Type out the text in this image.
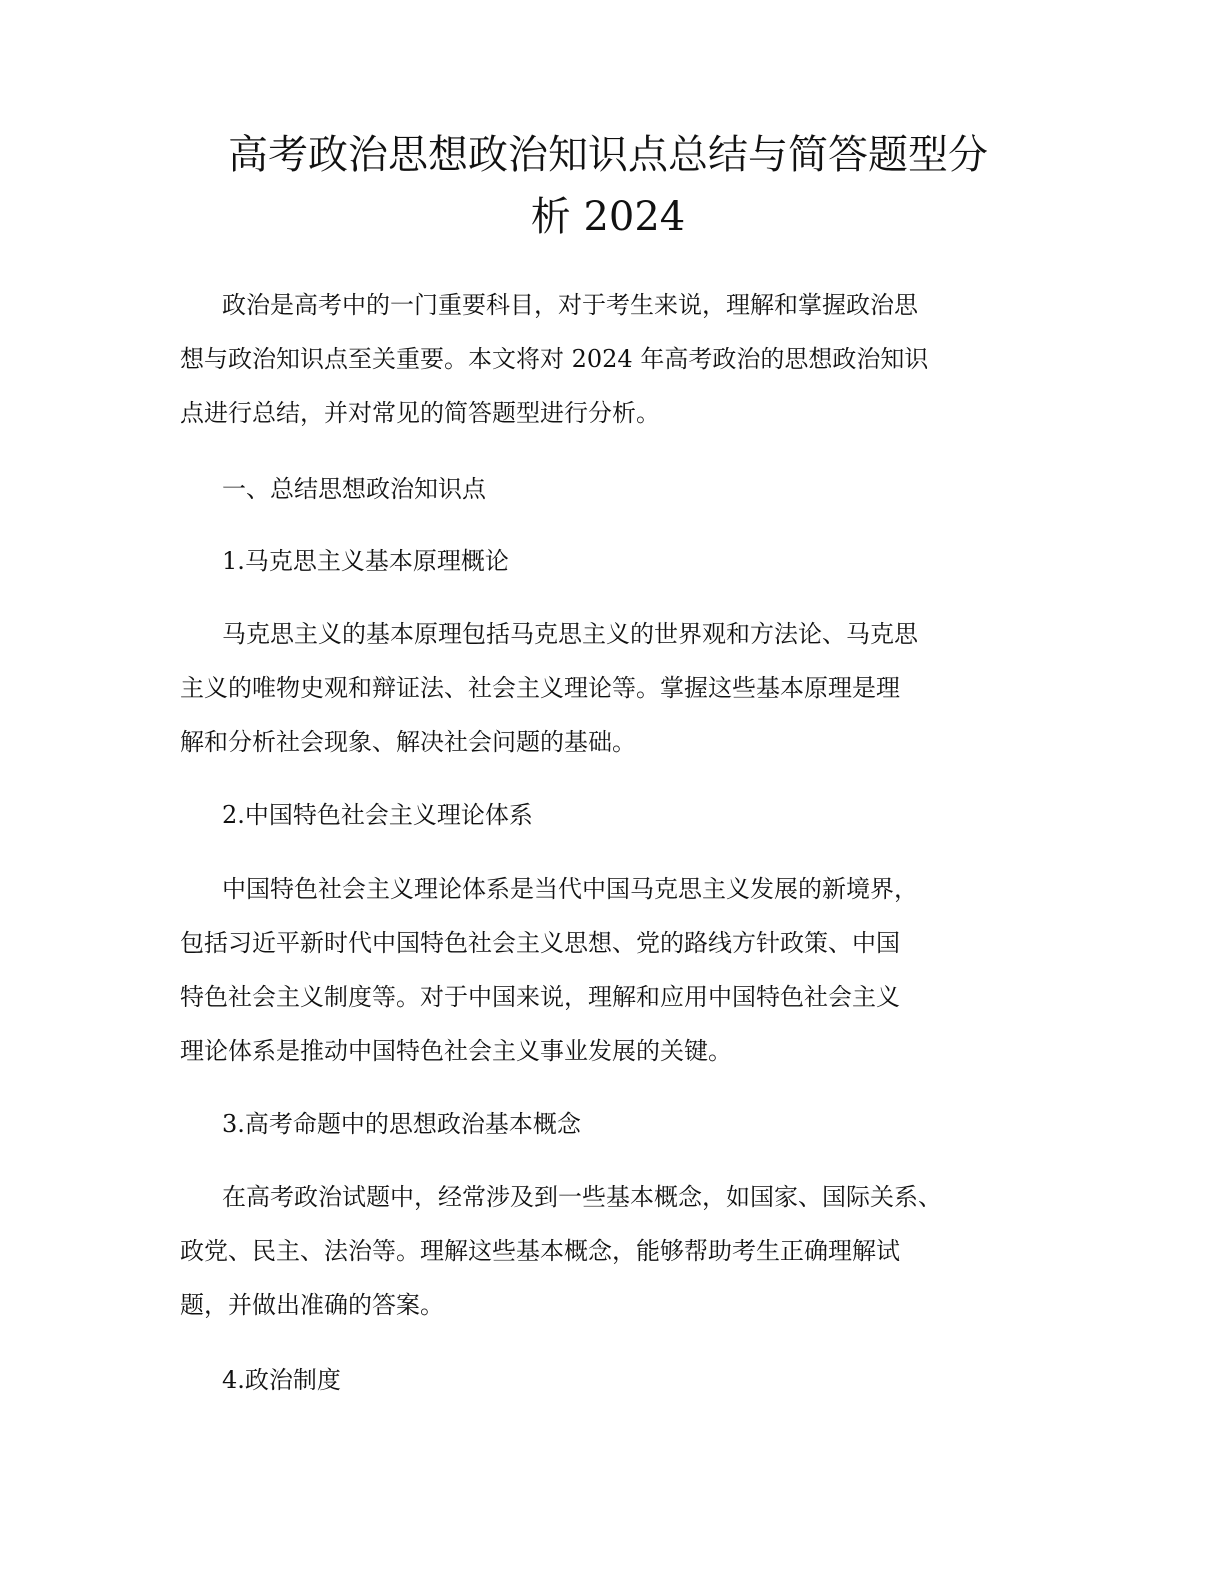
高考政治思想政治知识点总结与简答题型分
析 2024

政治是高考中的一门重要科目，对于考生来说，理解和掌握政治思
想与政治知识点至关重要。本文将对 2024 年高考政治的思想政治知识
点进行总结，并对常见的简答题型进行分析。

一、总结思想政治知识点
1.马克思主义基本原理概论

马克思主义的基本原理包括马克思主义的世界观和方法论、马克思
主义的唯物史观和辩证法、社会主义理论等。掌握这些基本原理是理
解和分析社会现象、解决社会问题的基础。

2.中国特色社会主义理论体系

中国特色社会主义理论体系是当代中国马克思主义发展的新境界，
包括习近平新时代中国特色社会主义思想、党的路线方针政策、中国
特色社会主义制度等。对于中国来说，理解和应用中国特色社会主义
理论体系是推动中国特色社会主义事业发展的关键。

3.高考命题中的思想政治基本概念

在高考政治试题中，经常涉及到一些基本概念，如国家、国际关系、
政党、民主、法治等。理解这些基本概念，能够帮助考生正确理解试
题，并做出准确的答案。

4.政治制度
